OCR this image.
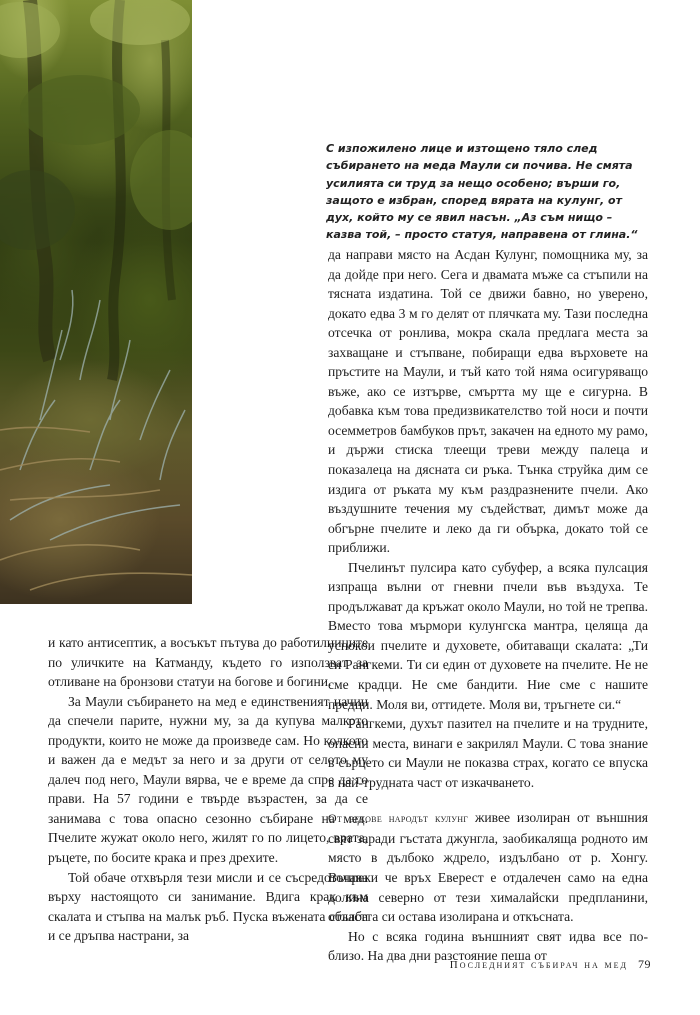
С изпожилено лице и изтощено тяло след събирането на меда Маули си почива. Не смята усилията си труд за нещо особено; върши го, защото е избран, според вярата на кулунг, от дух, който му се явил насън. „Аз съм нищо – казва той, – просто статуя, направена от глина.“

и като антисептик, а восъкът пътува до работилниците по уличките на Катманду, където го използват за отливане на бронзови статуи на богове и богини.

За Маули събирането на мед е единственият начин да спечели парите, нужни му, за да купува малкото продукти, които не може да произведе сам. Но колкото и важен да е медът за него и за други от селото му далеч под него, Маули вярва, че е време да спре да го прави. На 57 години е твърде възрастен, за да се занимава с това опасно сезонно събиране на мед. Пчелите жужат около него, жилят го по лицето, врата, ръцете, по босите крака и през дрехите.

Той обаче отхвърля тези мисли и се съсредоточава върху настоящото си занимание. Вдига крак към скалата и стъпва на малък ръб. Пуска въжената стълба и се дръпва настрани, за

да направи място на Асдан Кулунг, помощника му, за да дойде при него. Сега и двамата мъже са стъпили на тясната издатина. Той се движи бавно, но уверено, докато едва 3 м го делят от плячката му. Тази последна отсечка от ронлива, мокра скала предлага места за захващане и стъпване, побиращи едва върховете на пръстите на Маули, и тъй като той няма осигуряващо въже, ако се изтърве, смъртта му ще е сигурна. В добавка към това предизвикателство той носи и почти осемметров бамбуков прът, закачен на едното му рамо, и държи стиска тлеещи треви между палеца и показалеца на дясната си ръка. Тънка струйка дим се издига от ръката му към раздразнените пчели. Ако въздушните течения му съдействат, димът може да обгърне пчелите и леко да ги обърка, докато той се приближи.

Пчелинът пулсира като субуфер, а всяка пулсация изпраща вълни от гневни пчели във въздуха. Те продължават да кръжат около Маули, но той не трепва. Вместо това мърмори кулунгска мантра, целяща да успокои пчелите и духовете, обитаващи скалата: „Ти си Рангкеми. Ти си един от духовете на пчелите. Не не сме крадци. Не сме бандити. Ние сме с нашите предци. Моля ви, оттидете. Моля ви, тръгнете си.“

Рангкеми, духът пазител на пчелите и на трудните, опасни места, винаги е закрилял Маули. С това знание в сърцето си Маули не показва страх, когато се впуска в най-трудната част от изкачването.

От векове народът кулунг живее изолиран от външния свят заради гъстата джунгла, заобикаляща родното им място в дълбоко ждрело, издълбано от р. Хонгу. Въпреки че връх Еверест е отдалечен само на една долина северно от тези хималайски предпланини, областта си остава изолирана и откъсната.

Но с всяка година външният свят идва все по-близо. На два дни разстояние пеша от

Последният събирач на мед 79
